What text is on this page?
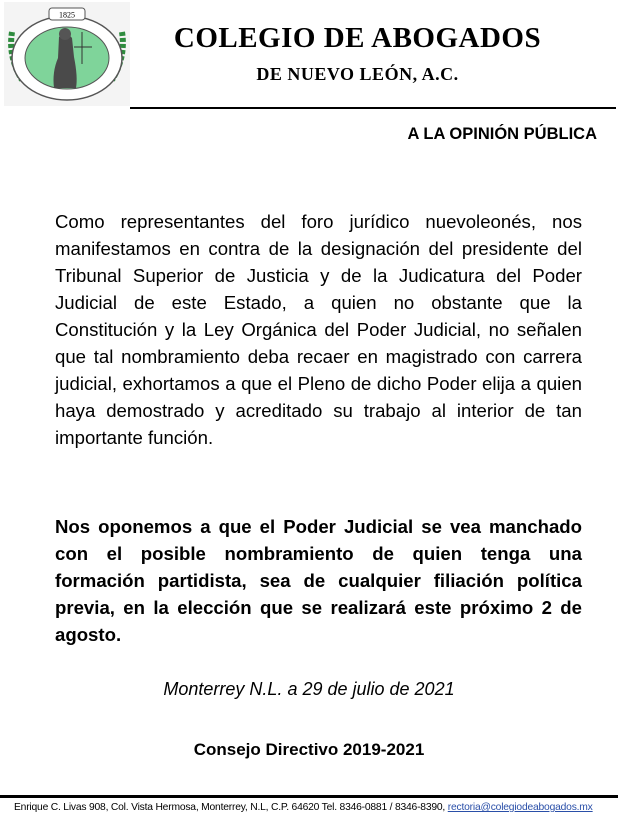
1825
COLEGIO DE ABOGADOS
DE NUEVO LEÓN, A.C.
A LA OPINIÓN PÚBLICA

Como representantes del foro jurídico nuevoleonés, nos manifestamos en contra de la designación del presidente del Tribunal Superior de Justicia y de la Judicatura del Poder Judicial de este Estado, a quien no obstante que la Constitución y la Ley Orgánica del Poder Judicial, no señalen que tal nombramiento deba recaer en magistrado con carrera judicial, exhortamos a que el Pleno de dicho Poder elija a quien haya demostrado y acreditado su trabajo al interior de tan importante función.

Nos oponemos a que el Poder Judicial se vea manchado con el posible nombramiento de quien tenga una formación partidista, sea de cualquier filiación política previa, en la elección que se realizará este próximo 2 de agosto.

Monterrey N.L. a 29 de julio de 2021
Consejo Directivo 2019-2021
Enrique C. Livas 908, Col. Vista Hermosa, Monterrey, N.L, C.P. 64620 Tel. 8346-0881 / 8346-8390, rectoria@colegiodeabogados.mx
